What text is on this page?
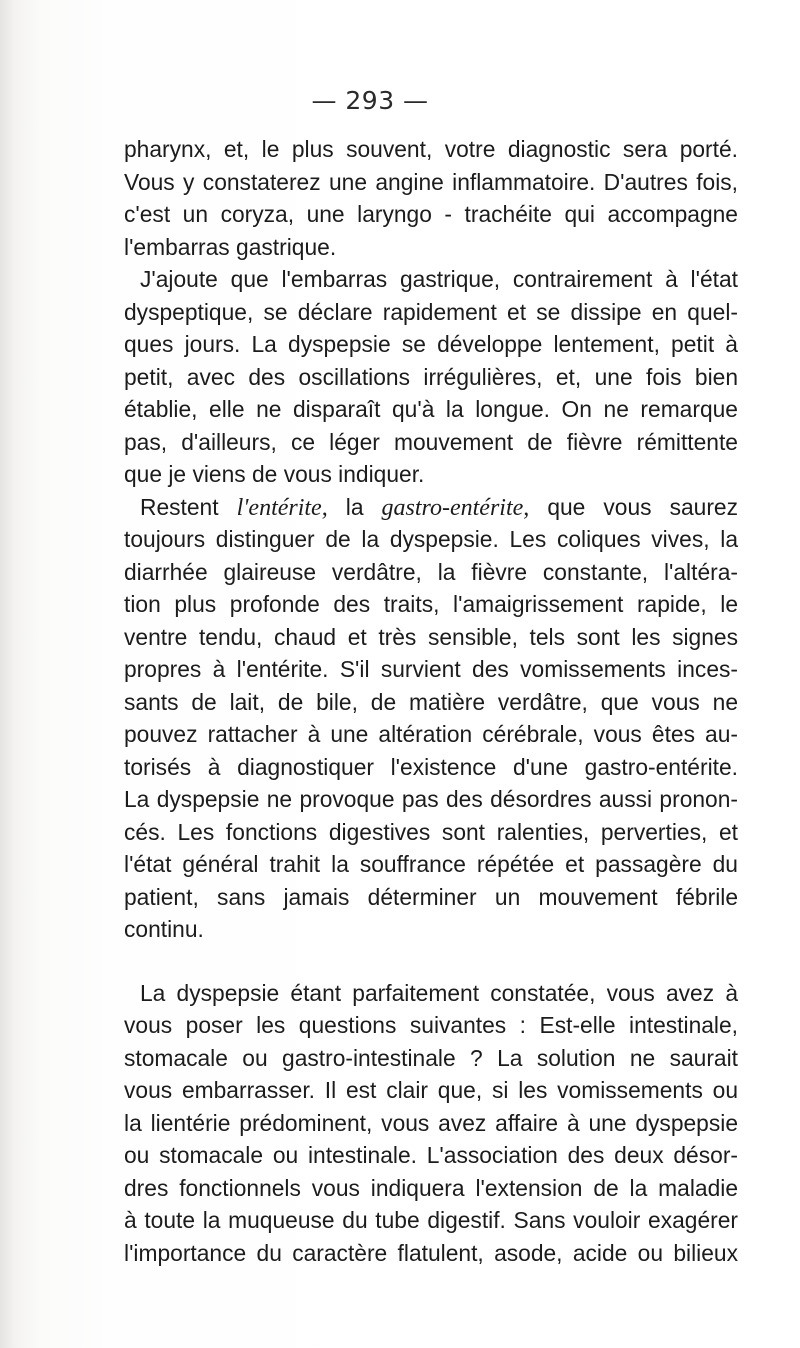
— 293 —
pharynx, et, le plus souvent, votre diagnostic sera porté.
Vous y constaterez une angine inflammatoire. D'autres fois,
c'est un coryza, une laryngo - trachéite qui accompagne
l'embarras gastrique.
J'ajoute que l'embarras gastrique, contrairement à l'état
dyspeptique, se déclare rapidement et se dissipe en quel-
ques jours. La dyspepsie se développe lentement, petit à
petit, avec des oscillations irrégulières, et, une fois bien
établie, elle ne disparaît qu'à la longue. On ne remarque
pas, d'ailleurs, ce léger mouvement de fièvre rémittente
que je viens de vous indiquer.
Restent l'entérite, la gastro-entérite, que vous saurez
toujours distinguer de la dyspepsie. Les coliques vives, la
diarrhée glaireuse verdâtre, la fièvre constante, l'altéra-
tion plus profonde des traits, l'amaigrissement rapide, le
ventre tendu, chaud et très sensible, tels sont les signes
propres à l'entérite. S'il survient des vomissements inces-
sants de lait, de bile, de matière verdâtre, que vous ne
pouvez rattacher à une altération cérébrale, vous êtes au-
torisés à diagnostiquer l'existence d'une gastro-entérite.
La dyspepsie ne provoque pas des désordres aussi pronon-
cés. Les fonctions digestives sont ralenties, perverties, et
l'état général trahit la souffrance répétée et passagère du
patient, sans jamais déterminer un mouvement fébrile
continu.
La dyspepsie étant parfaitement constatée, vous avez à
vous poser les questions suivantes : Est-elle intestinale,
stomacale ou gastro-intestinale ? La solution ne saurait
vous embarrasser. Il est clair que, si les vomissements ou
la lientérie prédominent, vous avez affaire à une dyspepsie
ou stomacale ou intestinale. L'association des deux désor-
dres fonctionnels vous indiquera l'extension de la maladie
à toute la muqueuse du tube digestif. Sans vouloir exagérer
l'importance du caractère flatulent, asode, acide ou bilieux
